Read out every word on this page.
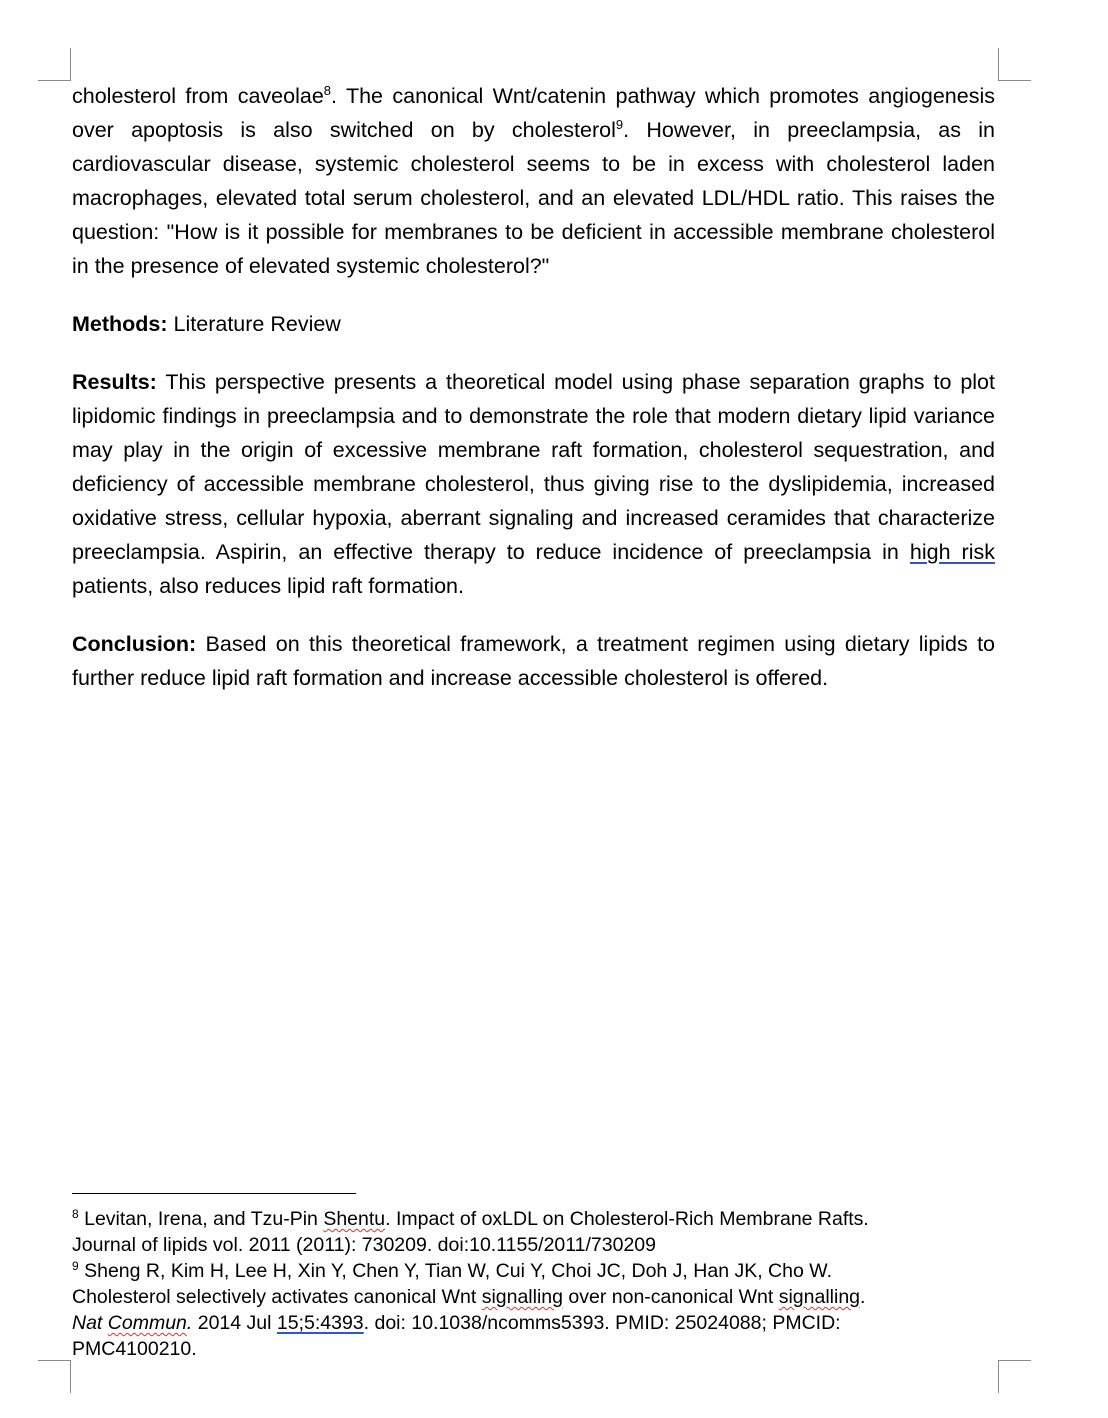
cholesterol from caveolae$^8$. The canonical Wnt/catenin pathway which promotes angiogenesis over apoptosis is also switched on by cholesterol$^9$. However, in preeclampsia, as in cardiovascular disease, systemic cholesterol seems to be in excess with cholesterol laden macrophages, elevated total serum cholesterol, and an elevated LDL/HDL ratio. This raises the question: "How is it possible for membranes to be deficient in accessible membrane cholesterol in the presence of elevated systemic cholesterol?"

Methods: Literature Review

Results: This perspective presents a theoretical model using phase separation graphs to plot lipidomic findings in preeclampsia and to demonstrate the role that modern dietary lipid variance may play in the origin of excessive membrane raft formation, cholesterol sequestration, and deficiency of accessible membrane cholesterol, thus giving rise to the dyslipidemia, increased oxidative stress, cellular hypoxia, aberrant signaling and increased ceramides that characterize preeclampsia. Aspirin, an effective therapy to reduce incidence of preeclampsia in high risk patients, also reduces lipid raft formation.

Conclusion: Based on this theoretical framework, a treatment regimen using dietary lipids to further reduce lipid raft formation and increase accessible cholesterol is offered.

$^8$ Levitan, Irena, and Tzu-Pin Shentu. Impact of oxLDL on Cholesterol-Rich Membrane Rafts.
Journal of lipids vol. 2011 (2011): 730209. doi:10.1155/2011/730209

$^9$ Sheng R, Kim H, Lee H, Xin Y, Chen Y, Tian W, Cui Y, Choi JC, Doh J, Han JK, Cho W.
Cholesterol selectively activates canonical Wnt signalling over non-canonical Wnt signalling.
Nat Commun. 2014 Jul 15;5:4393. doi: 10.1038/ncomms5393. PMID: 25024088; PMCID:
PMC4100210.
